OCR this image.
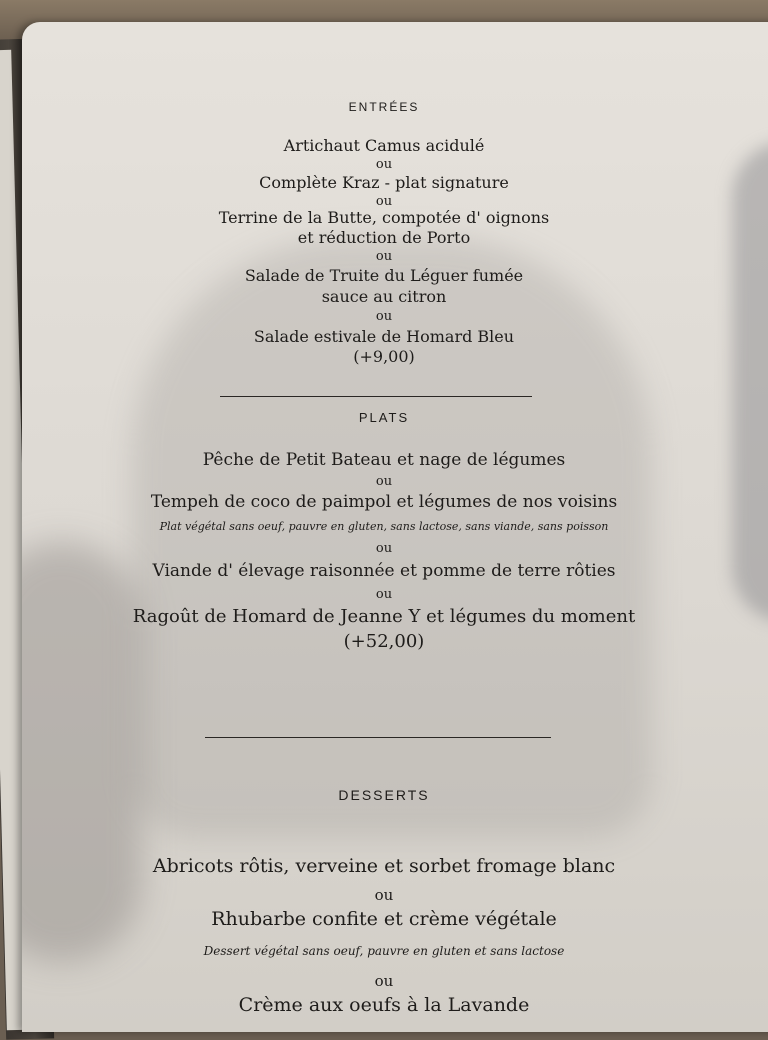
ENTRÉES
Artichaut Camus acidulé
ou
Complète Kraz - plat signature
ou
Terrine de la Butte, compotée d' oignons
et réduction de Porto
ou
Salade de Truite du Léguer fumée
sauce au citron
ou
Salade estivale de Homard Bleu
(+9,00)
PLATS
Pêche de Petit Bateau et nage de légumes
ou
Tempeh de coco de paimpol et légumes de nos voisins
Plat végétal sans oeuf, pauvre en gluten, sans lactose, sans viande, sans poisson
ou
Viande d' élevage raisonnée et pomme de terre rôties
ou
Ragoût de Homard de Jeanne Y et légumes du moment
(+52,00)
DESSERTS
Abricots rôtis, verveine et sorbet fromage blanc
ou
Rhubarbe confite et crème végétale
Dessert végétal sans oeuf, pauvre en gluten et sans lactose
ou
Crème aux oeufs à la Lavande
